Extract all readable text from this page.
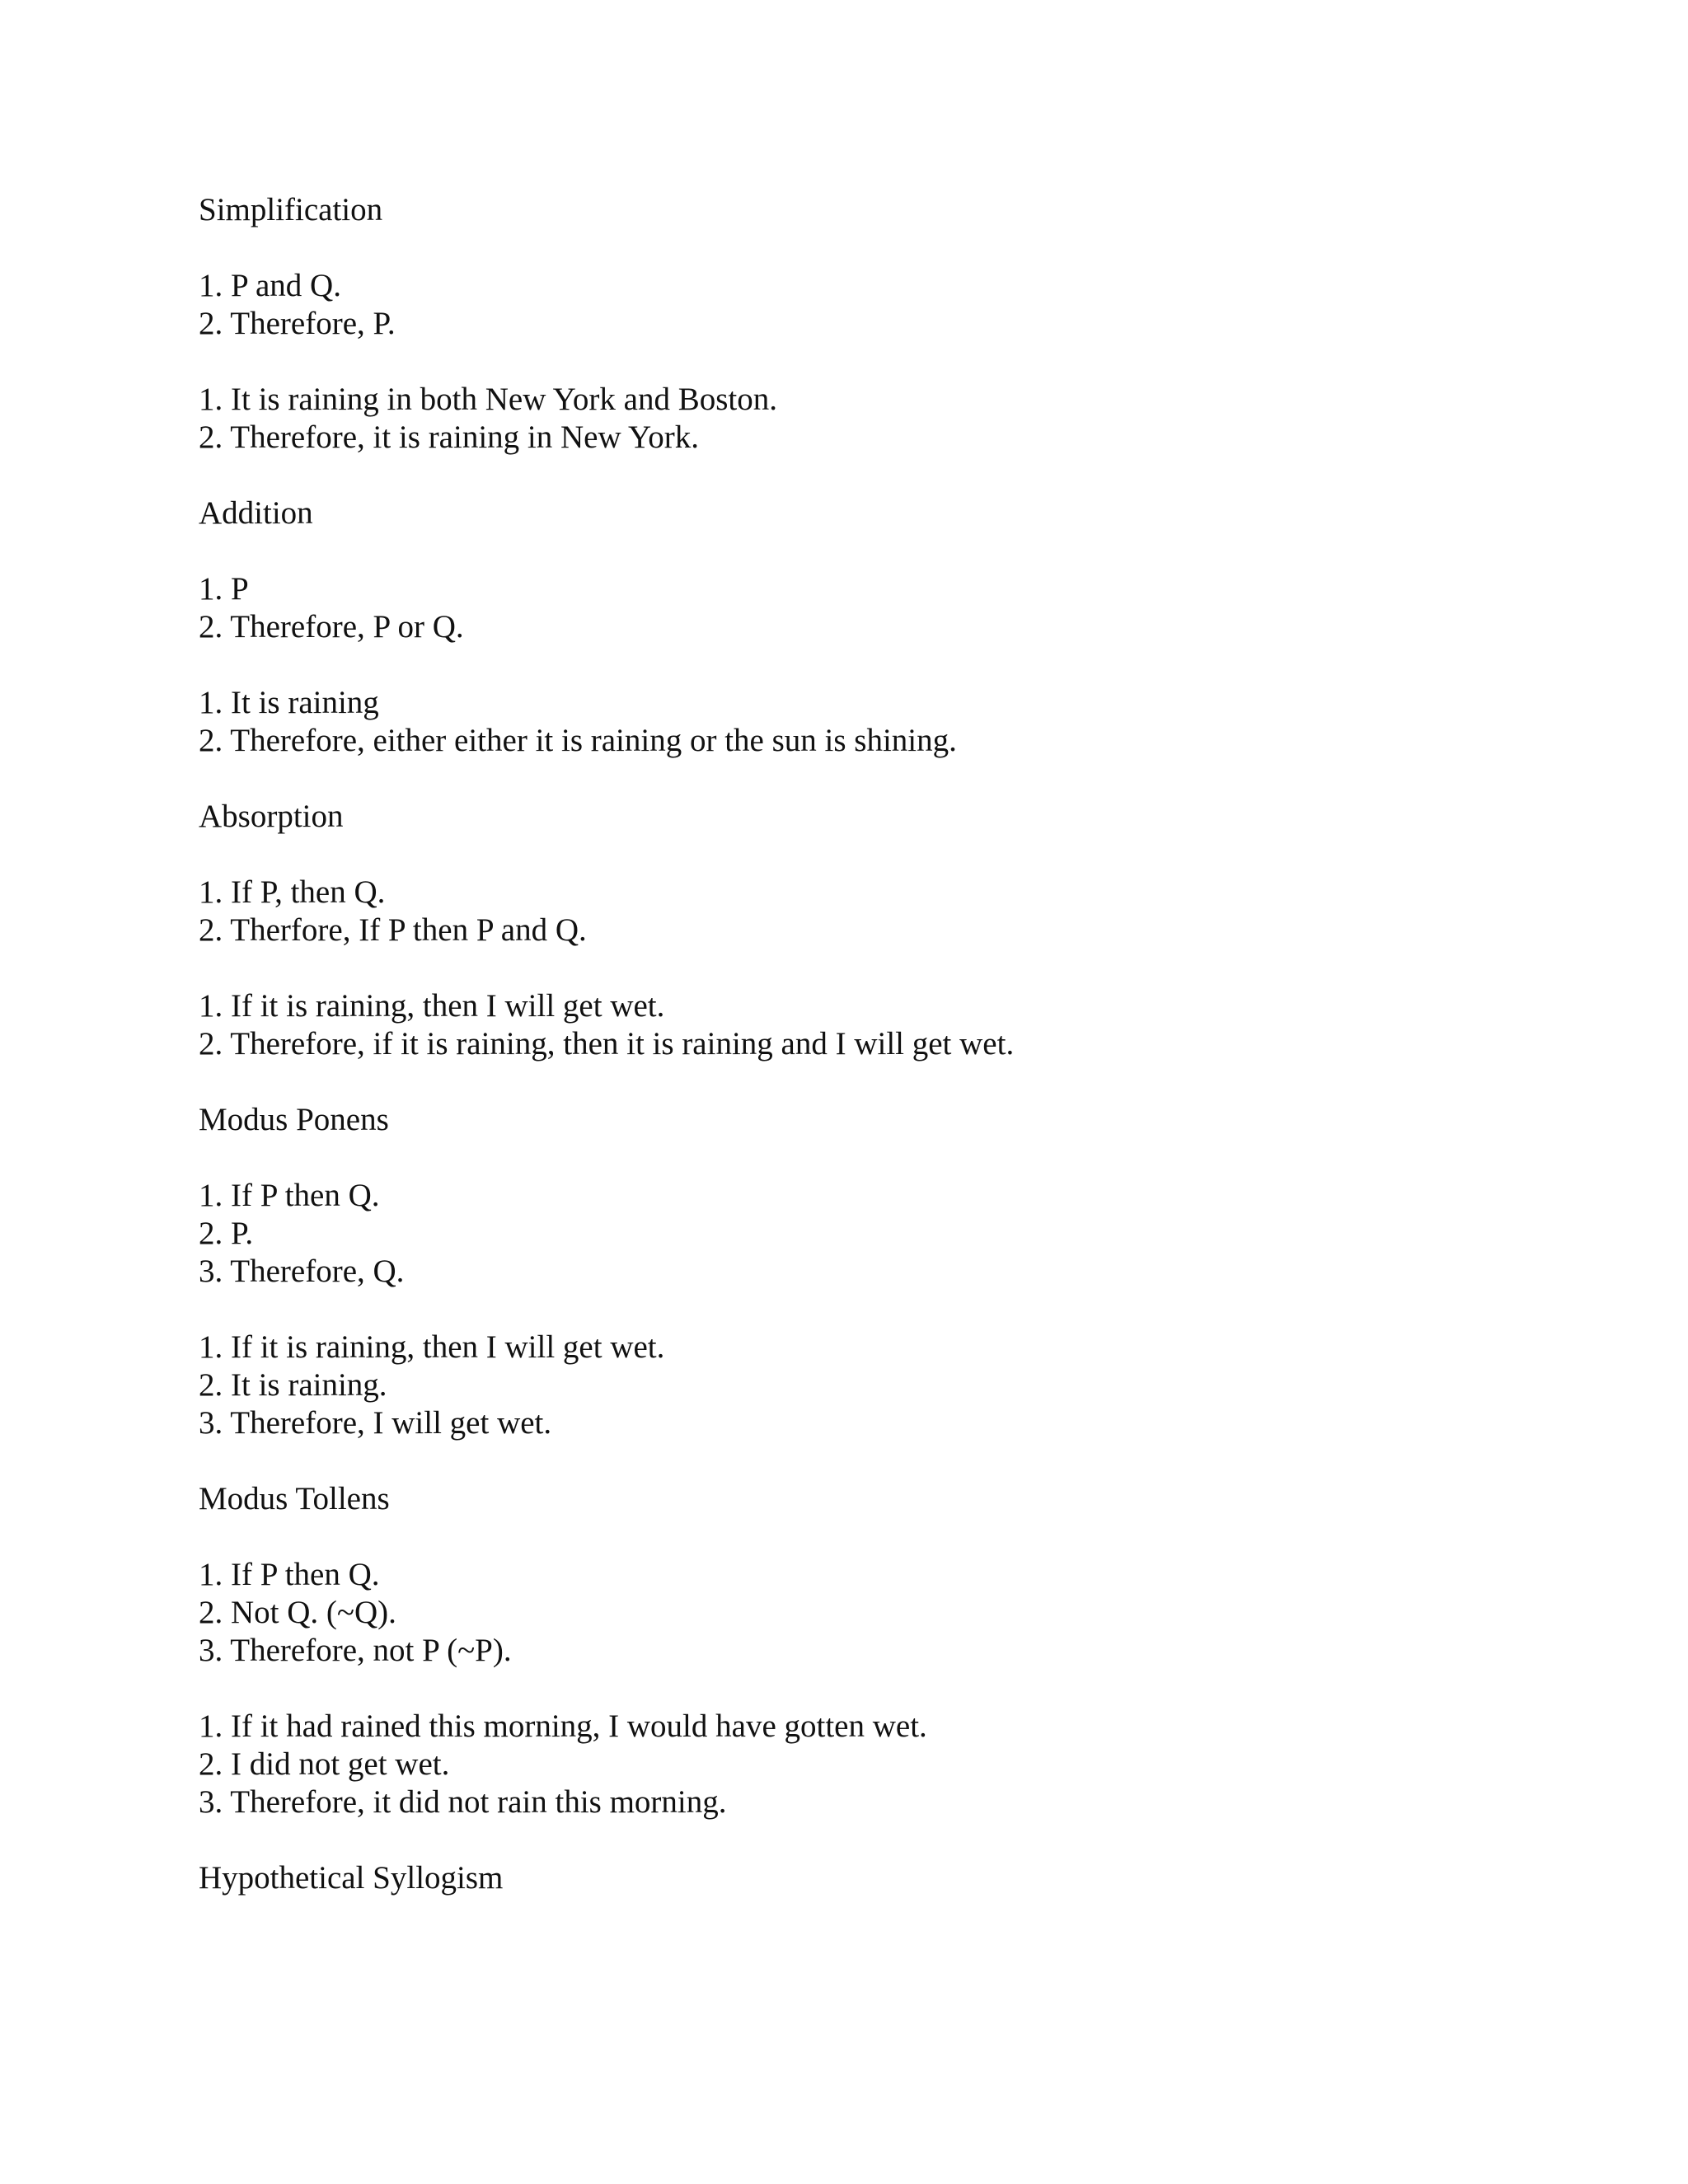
Simplification
1. P and Q.
2. Therefore, P.
1. It is raining in both New York and Boston.
2. Therefore, it is raining in New York.
Addition
1. P
2. Therefore, P or Q.
1. It is raining
2. Therefore, either either it is raining or the sun is shining.
Absorption
1. If P, then Q.
2. Therfore, If P then P and Q.
1. If it is raining, then I will get wet.
2. Therefore, if it is raining, then it is raining and I will get wet.
Modus Ponens
1. If P then Q.
2. P.
3. Therefore, Q.
1. If it is raining, then I will get wet.
2. It is raining.
3. Therefore, I will get wet.
Modus Tollens
1. If P then Q.
2. Not Q. (~Q).
3. Therefore, not P (~P).
1. If it had rained this morning, I would have gotten wet.
2. I did not get wet.
3. Therefore, it did not rain this morning.
Hypothetical Syllogism
